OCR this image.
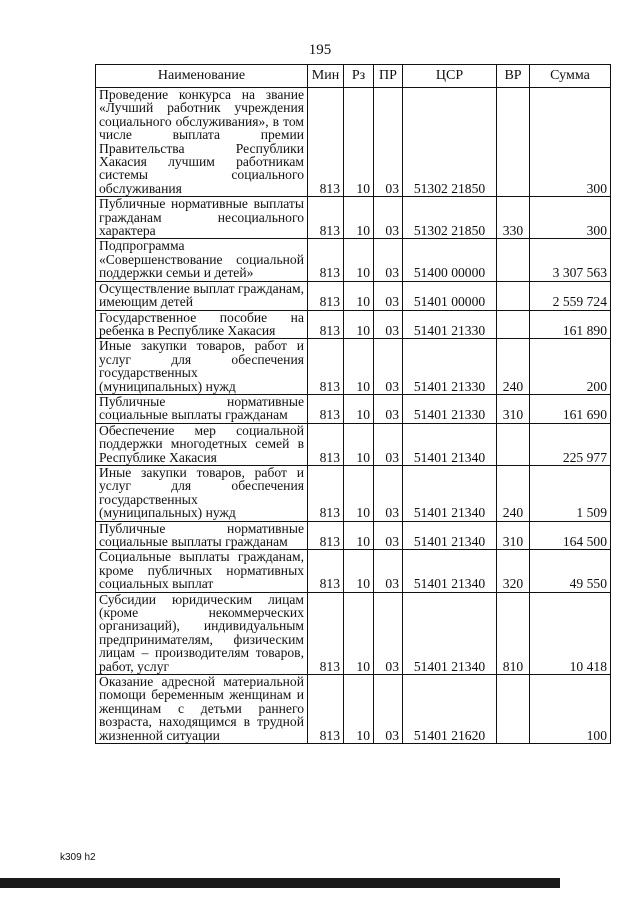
195
Наименование	Мин	Рз	ПР	ЦСР	ВР	Сумма
Проведение конкурса на звание «Лучший работник учреждения социального обслуживания», в том числе выплата премии Правительства Республики Хакасия лучшим работникам системы социального обслуживания	813	10	03	51302 21850		300
Публичные нормативные выплаты гражданам несоциального характера	813	10	03	51302 21850	330	300
Подпрограмма «Совершенствование социальной поддержки семьи и детей»	813	10	03	51400 00000		3 307 563
Осуществление выплат гражданам, имеющим детей	813	10	03	51401 00000		2 559 724
Государственное пособие на ребенка в Республике Хакасия	813	10	03	51401 21330		161 890
Иные закупки товаров, работ и услуг для обеспечения государственных (муниципальных) нужд	813	10	03	51401 21330	240	200
Публичные нормативные социальные выплаты гражданам	813	10	03	51401 21330	310	161 690
Обеспечение мер социальной поддержки многодетных семей в Республике Хакасия	813	10	03	51401 21340		225 977
Иные закупки товаров, работ и услуг для обеспечения государственных (муниципальных) нужд	813	10	03	51401 21340	240	1 509
Публичные нормативные социальные выплаты гражданам	813	10	03	51401 21340	310	164 500
Социальные выплаты гражданам, кроме публичных нормативных социальных выплат	813	10	03	51401 21340	320	49 550
Субсидии юридическим лицам (кроме некоммерческих организаций), индивидуальным предпринимателям, физическим лицам – производителям товаров, работ, услуг	813	10	03	51401 21340	810	10 418
Оказание адресной материальной помощи беременным женщинам и женщинам с детьми раннего возраста, находящимся в трудной жизненной ситуации	813	10	03	51401 21620		100
k309 h2
